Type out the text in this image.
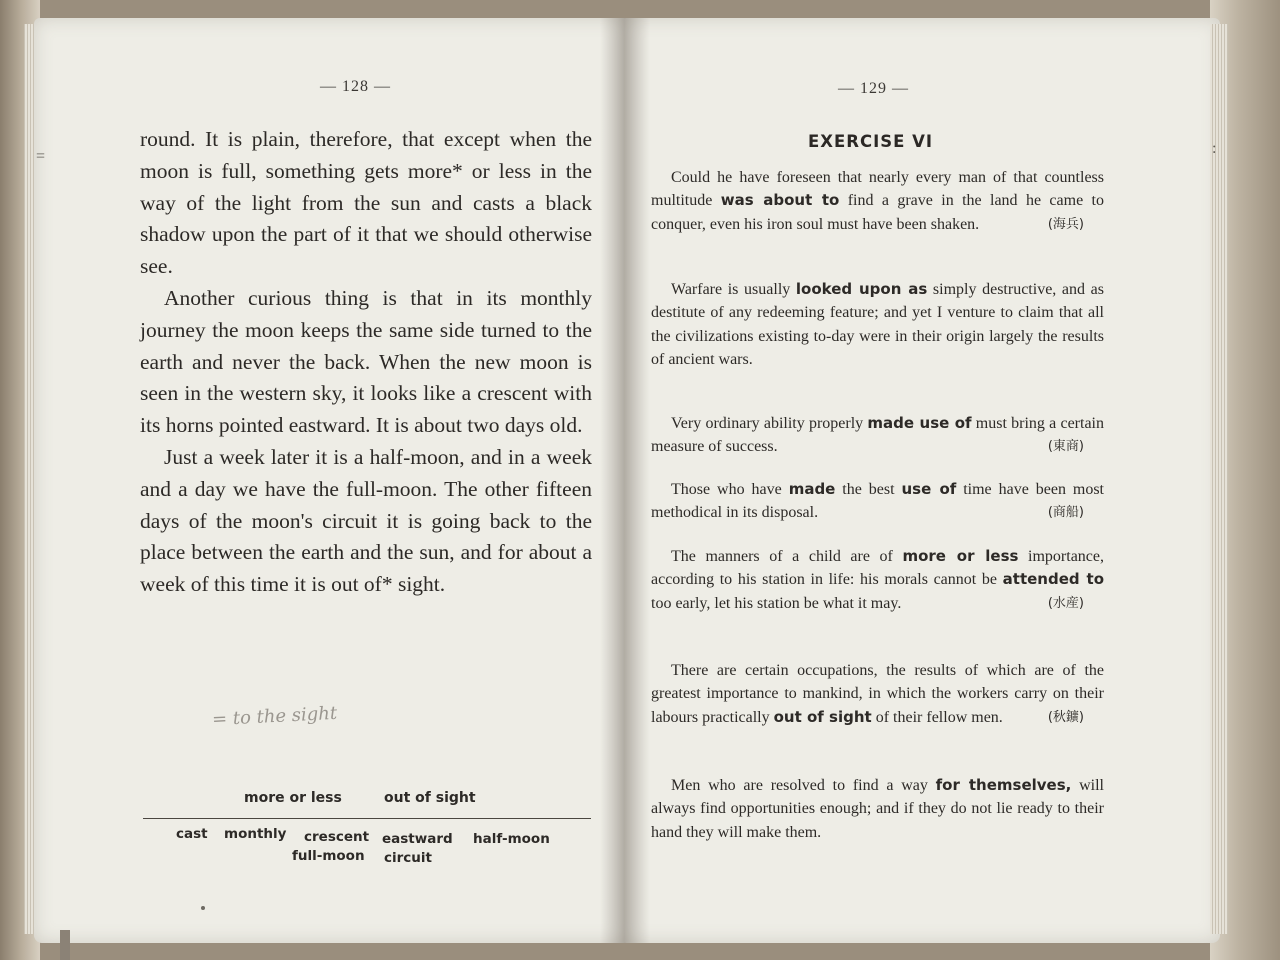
=	:
— 128 —

round. It is plain, therefore, that except when the moon is full, something gets more* or less in the way of the light from the sun and casts a black shadow upon the part of it that we should otherwise see.

Another curious thing is that in its monthly journey the moon keeps the same side turned to the earth and never the back. When the new moon is seen in the western sky, it looks like a crescent with its horns pointed eastward. It is about two days old.

Just a week later it is a half-moon, and in a week and a day we have the full-moon. The other fifteen days of the moon's circuit it is going back to the place between the earth and the sun, and for about a week of this time it is out of* sight.

= to the sight
more or less	out of sight
cast monthly crescent eastward half-moon
full-moon circuit
— 129 —
EXERCISE VI

Could he have foreseen that nearly every man of that countless multitude was about to find a grave in the land he came to conquer, even his iron soul must have been shaken.	(海兵)

Warfare is usually looked upon as simply destructive, and as destitute of any redeeming feature; and yet I venture to claim that all the civilizations existing to-day were in their origin largely the results of ancient wars.

Very ordinary ability properly made use of must bring a certain measure of success.	(東商)

Those who have made the best use of time have been most methodical in its disposal.	(商船)

The manners of a child are of more or less importance, according to his station in life: his morals cannot be attended to too early, let his station be what it may.	(水産)

There are certain occupations, the results of which are of the greatest importance to mankind, in which the workers carry on their labours practically out of sight of their fellow men.	(秋鑛)

Men who are resolved to find a way for themselves, will always find opportunities enough; and if they do not lie ready to their hand they will make them.
